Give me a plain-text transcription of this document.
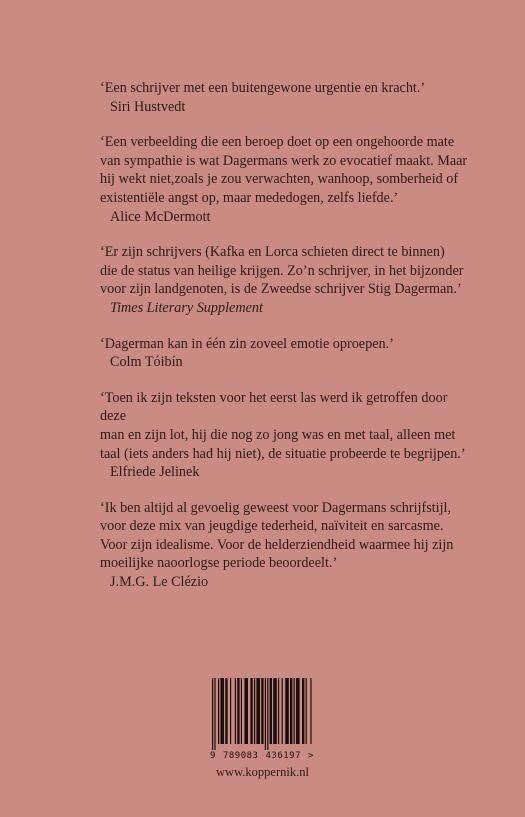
‘Een schrijver met een buitengewone urgentie en kracht.’
Siri Hustvedt
‘Een verbeelding die een beroep doet op een ongehoorde mate
van sympathie is wat Dagermans werk zo evocatief maakt. Maar
hij wekt niet,zoals je zou verwachten, wanhoop, somberheid of
existentiële angst op, maar mededogen, zelfs liefde.’
Alice McDermott
‘Er zijn schrijvers (Kafka en Lorca schieten direct te binnen)
die de status van heilige krijgen. Zo’n schrijver, in het bijzonder
voor zijn landgenoten, is de Zweedse schrijver Stig Dagerman.’
Times Literary Supplement
‘Dagerman kan in één zin zoveel emotie oproepen.’
Colm Tóibín
‘Toen ik zijn teksten voor het eerst las werd ik getroffen door deze
man en zijn lot, hij die nog zo jong was en met taal, alleen met
taal (iets anders had hij niet), de situatie probeerde te begrijpen.’
Elfriede Jelinek
‘Ik ben altijd al gevoelig geweest voor Dagermans schrijfstijl,
voor deze mix van jeugdige tederheid, naïviteit en sarcasme.
Voor zijn idealisme. Voor de helderziendheid waarmee hij zijn
moeilijke naoorlogse periode beoordeelt.’
J.M.G. Le Clézio
9 789083 436197 >
www.koppernik.nl
